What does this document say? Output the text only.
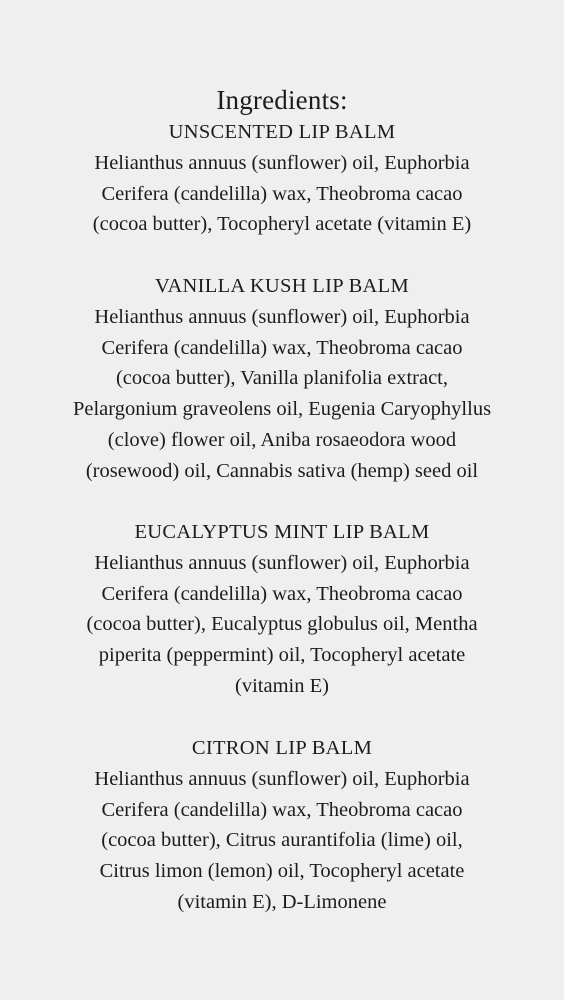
Ingredients:
UNSCENTED LIP BALM
Helianthus annuus (sunflower) oil, Euphorbia
Cerifera (candelilla) wax, Theobroma cacao
(cocoa butter), Tocopheryl acetate (vitamin E)
VANILLA KUSH LIP BALM
Helianthus annuus (sunflower) oil, Euphorbia
Cerifera (candelilla) wax, Theobroma cacao
(cocoa butter), Vanilla planifolia extract,
Pelargonium graveolens oil, Eugenia Caryophyllus
(clove) flower oil, Aniba rosaeodora wood
(rosewood) oil, Cannabis sativa (hemp) seed oil
EUCALYPTUS MINT LIP BALM
Helianthus annuus (sunflower) oil, Euphorbia
Cerifera (candelilla) wax, Theobroma cacao
(cocoa butter), Eucalyptus globulus oil, Mentha
piperita (peppermint) oil, Tocopheryl acetate
(vitamin E)
CITRON LIP BALM
Helianthus annuus (sunflower) oil, Euphorbia
Cerifera (candelilla) wax, Theobroma cacao
(cocoa butter), Citrus aurantifolia (lime) oil,
Citrus limon (lemon) oil, Tocopheryl acetate
(vitamin E), D-Limonene
